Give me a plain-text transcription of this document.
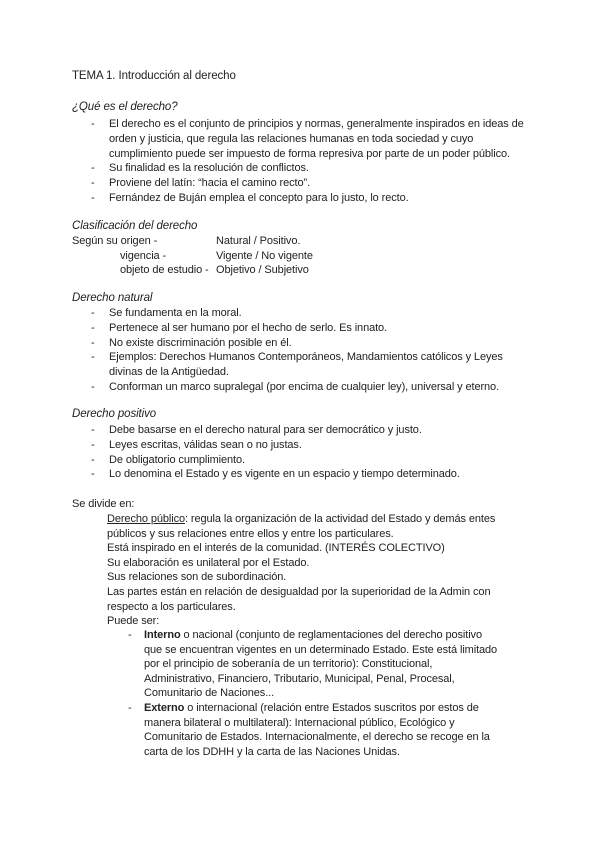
TEMA 1. Introducción al derecho
¿Qué es el derecho?
- El derecho es el conjunto de principios y normas, generalmente inspirados en ideas de orden y justicia, que regula las relaciones humanas en toda sociedad y cuyo cumplimiento puede ser impuesto de forma represiva por parte de un poder público.
- Su finalidad es la resolución de conflictos.
- Proviene del latín: “hacia el camino recto”.
- Fernández de Buján emplea el concepto para lo justo, lo recto.
Clasificación del derecho
Según su origen -	Natural / Positivo.
vigencia -	Vigente / No vigente
objeto de estudio - Objetivo / Subjetivo
Derecho natural
- Se fundamenta en la moral.
- Pertenece al ser humano por el hecho de serlo. Es innato.
- No existe discriminación posible en él.
- Ejemplos: Derechos Humanos Contemporáneos, Mandamientos católicos y Leyes divinas de la Antigüedad.
- Conforman un marco supralegal (por encima de cualquier ley), universal y eterno.
Derecho positivo
- Debe basarse en el derecho natural para ser democrático y justo.
- Leyes escritas, válidas sean o no justas.
- De obligatorio cumplimiento.
- Lo denomina el Estado y es vigente en un espacio y tiempo determinado.
Se divide en:
Derecho público: regula la organización de la actividad del Estado y demás entes públicos y sus relaciones entre ellos y entre los particulares.
Está inspirado en el interés de la comunidad. (INTERÉS COLECTIVO)
Su elaboración es unilateral por el Estado.
Sus relaciones son de subordinación.
Las partes están en relación de desigualdad por la superioridad de la Admin con respecto a los particulares.
Puede ser:
- Interno o nacional (conjunto de reglamentaciones del derecho positivo que se encuentran vigentes en un determinado Estado. Este está limitado por el principio de soberanía de un territorio): Constitucional, Administrativo, Financiero, Tributario, Municipal, Penal, Procesal, Comunitario de Naciones...
- Externo o internacional (relación entre Estados suscritos por estos de manera bilateral o multilateral): Internacional público, Ecológico y Comunitario de Estados. Internacionalmente, el derecho se recoge en la carta de los DDHH y la carta de las Naciones Unidas.
